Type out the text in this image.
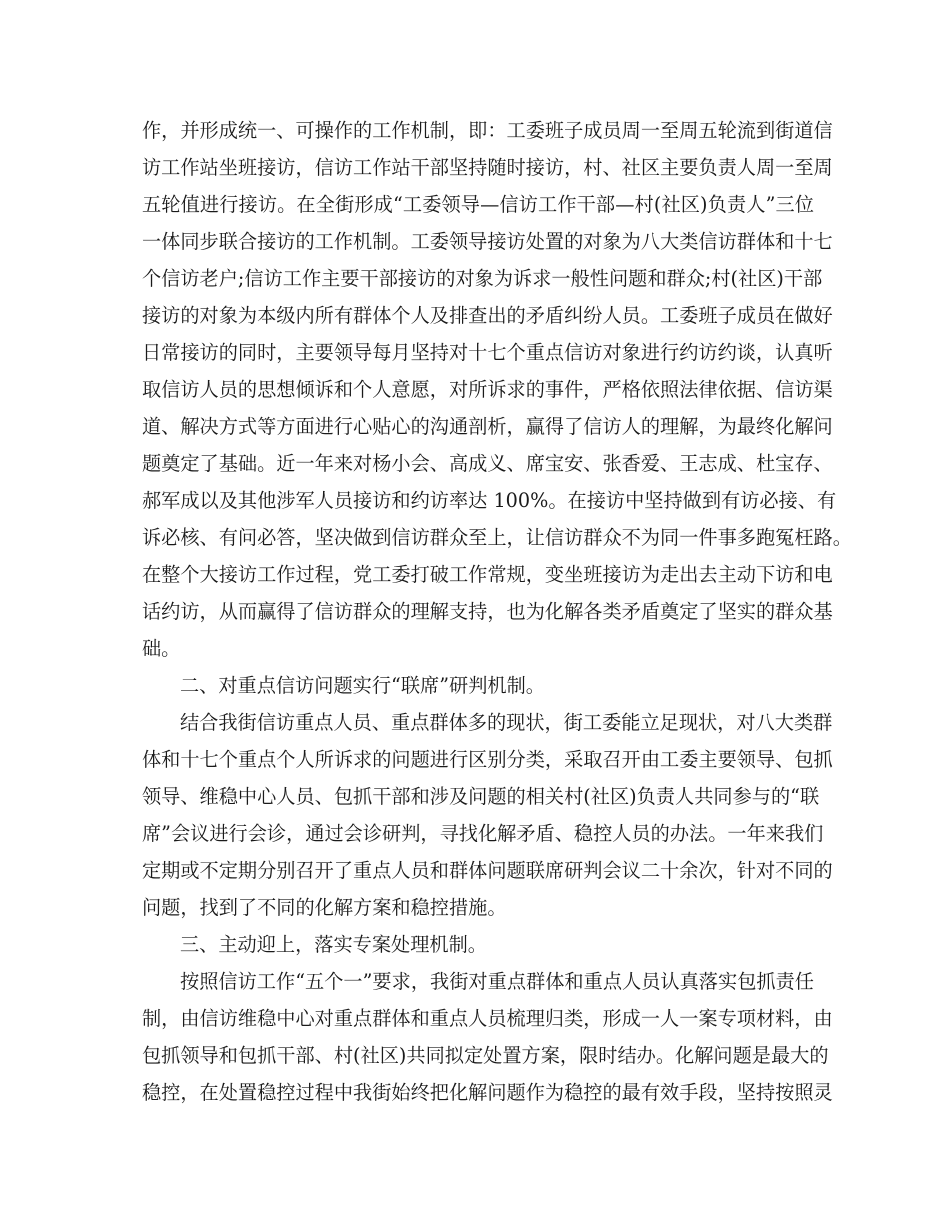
作，并形成统一、可操作的工作机制，即：工委班子成员周一至周五轮流到街道信
访工作站坐班接访，信访工作站干部坚持随时接访，村、社区主要负责人周一至周
五轮值进行接访。在全街形成“工委领导—信访工作干部—村(社区)负责人”三位
一体同步联合接访的工作机制。工委领导接访处置的对象为八大类信访群体和十七
个信访老户;信访工作主要干部接访的对象为诉求一般性问题和群众;村(社区)干部
接访的对象为本级内所有群体个人及排查出的矛盾纠纷人员。工委班子成员在做好
日常接访的同时，主要领导每月坚持对十七个重点信访对象进行约访约谈，认真听
取信访人员的思想倾诉和个人意愿，对所诉求的事件，严格依照法律依据、信访渠
道、解决方式等方面进行心贴心的沟通剖析，赢得了信访人的理解，为最终化解问
题奠定了基础。近一年来对杨小会、高成义、席宝安、张香爱、王志成、杜宝存、
郝军成以及其他涉军人员接访和约访率达 100%。在接访中坚持做到有访必接、有
诉必核、有问必答，坚决做到信访群众至上，让信访群众不为同一件事多跑冤枉路。
在整个大接访工作过程，党工委打破工作常规，变坐班接访为走出去主动下访和电
话约访，从而赢得了信访群众的理解支持，也为化解各类矛盾奠定了坚实的群众基
础。
二、对重点信访问题实行“联席”研判机制。
结合我街信访重点人员、重点群体多的现状，街工委能立足现状，对八大类群
体和十七个重点个人所诉求的问题进行区别分类，采取召开由工委主要领导、包抓
领导、维稳中心人员、包抓干部和涉及问题的相关村(社区)负责人共同参与的“联
席”会议进行会诊，通过会诊研判，寻找化解矛盾、稳控人员的办法。一年来我们
定期或不定期分别召开了重点人员和群体问题联席研判会议二十余次，针对不同的
问题，找到了不同的化解方案和稳控措施。
三、主动迎上，落实专案处理机制。
按照信访工作“五个一”要求，我街对重点群体和重点人员认真落实包抓责任
制，由信访维稳中心对重点群体和重点人员梳理归类，形成一人一案专项材料，由
包抓领导和包抓干部、村(社区)共同拟定处置方案，限时结办。化解问题是最大的
稳控，在处置稳控过程中我街始终把化解问题作为稳控的最有效手段，坚持按照灵
